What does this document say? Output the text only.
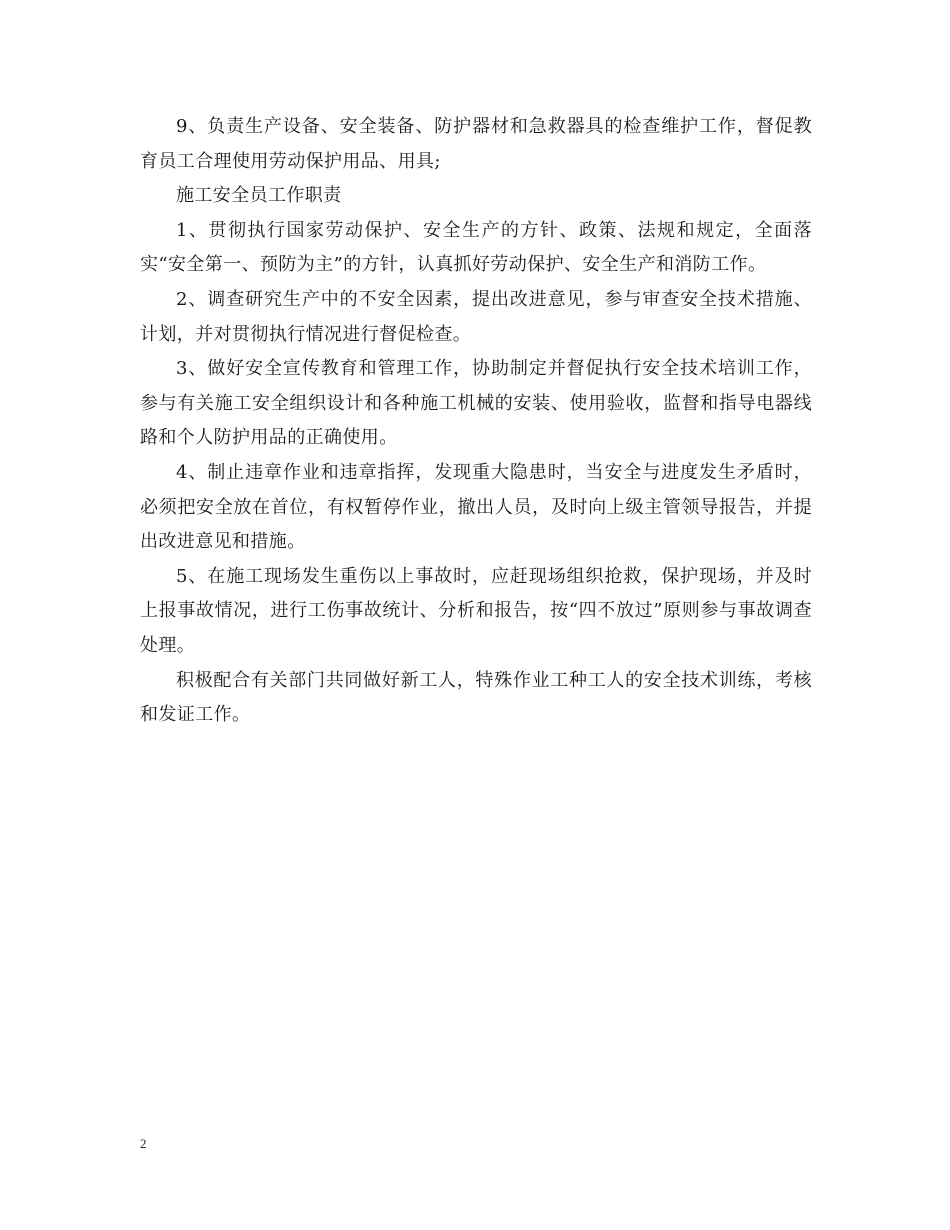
9、负责生产设备、安全装备、防护器材和急救器具的检查维护工作，督促教育员工合理使用劳动保护用品、用具;

施工安全员工作职责

1、贯彻执行国家劳动保护、安全生产的方针、政策、法规和规定，全面落实“安全第一、预防为主”的方针，认真抓好劳动保护、安全生产和消防工作。

2、调查研究生产中的不安全因素，提出改进意见，参与审查安全技术措施、计划，并对贯彻执行情况进行督促检查。

3、做好安全宣传教育和管理工作，协助制定并督促执行安全技术培训工作，参与有关施工安全组织设计和各种施工机械的安装、使用验收，监督和指导电器线路和个人防护用品的正确使用。

4、制止违章作业和违章指挥，发现重大隐患时，当安全与进度发生矛盾时，必须把安全放在首位，有权暂停作业，撤出人员，及时向上级主管领导报告，并提出改进意见和措施。

5、在施工现场发生重伤以上事故时，应赶现场组织抢救，保护现场，并及时上报事故情况，进行工伤事故统计、分析和报告，按“四不放过”原则参与事故调查处理。

积极配合有关部门共同做好新工人，特殊作业工种工人的安全技术训练，考核和发证工作。

2
